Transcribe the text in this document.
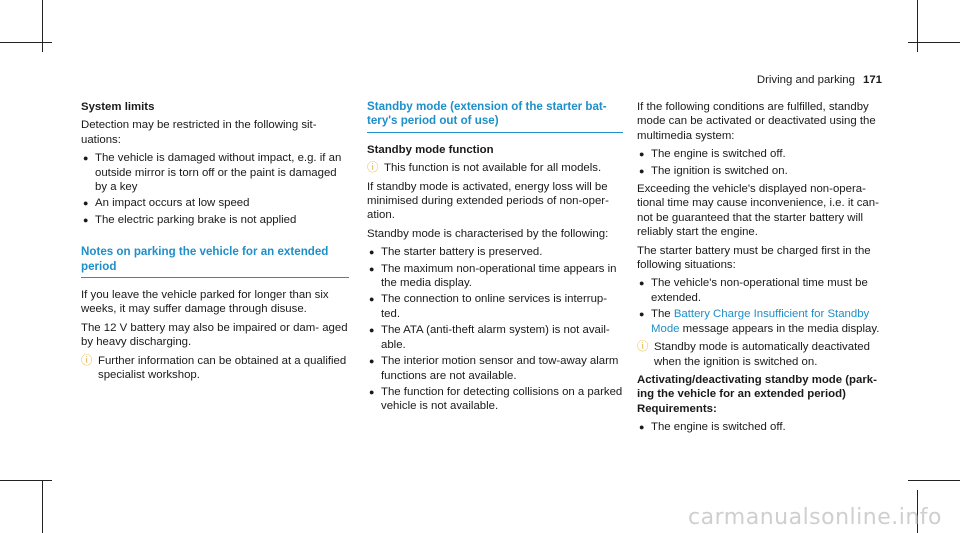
Driving and parking 171
System limits

Detection may be restricted in the following sit‐ uations:

● The vehicle is damaged without impact, e.g. if an outside mirror is torn off or the paint is damaged by a key
● An impact occurs at low speed
● The electric parking brake is not applied
Notes on parking the vehicle for an extended period

If you leave the vehicle parked for longer than six weeks, it may suffer damage through disuse.

The 12 V battery may also be impaired or dam‐ aged by heavy discharging.

ⓘ Further information can be obtained at a qualified specialist workshop.
Standby mode (extension of the starter bat‐ tery's period out of use)
Standby mode function
ⓘ This function is not available for all models.

If standby mode is activated, energy loss will be minimised during extended periods of non-oper‐ ation.

Standby mode is characterised by the following:

● The starter battery is preserved.
● The maximum non-operational time appears in the media display.
● The connection to online services is interrup‐ ted.
● The ATA (anti-theft alarm system) is not avail‐ able.
● The interior motion sensor and tow-away alarm functions are not available.
● The function for detecting collisions on a parked vehicle is not available.

If the following conditions are fulfilled, standby mode can be activated or deactivated using the multimedia system:

● The engine is switched off.
● The ignition is switched on.

Exceeding the vehicle's displayed non-opera‐ tional time may cause inconvenience, i.e. it can‐ not be guaranteed that the starter battery will reliably start the engine.

The starter battery must be charged first in the following situations:

● The vehicle's non-operational time must be extended.
● The Battery Charge Insufficient for Standby Mode message appears in the media display.
ⓘ Standby mode is automatically deactivated when the ignition is switched on.
Activating/deactivating standby mode (park‐ ing the vehicle for an extended period)
Requirements:
● The engine is switched off.
carmanualsonline.info
